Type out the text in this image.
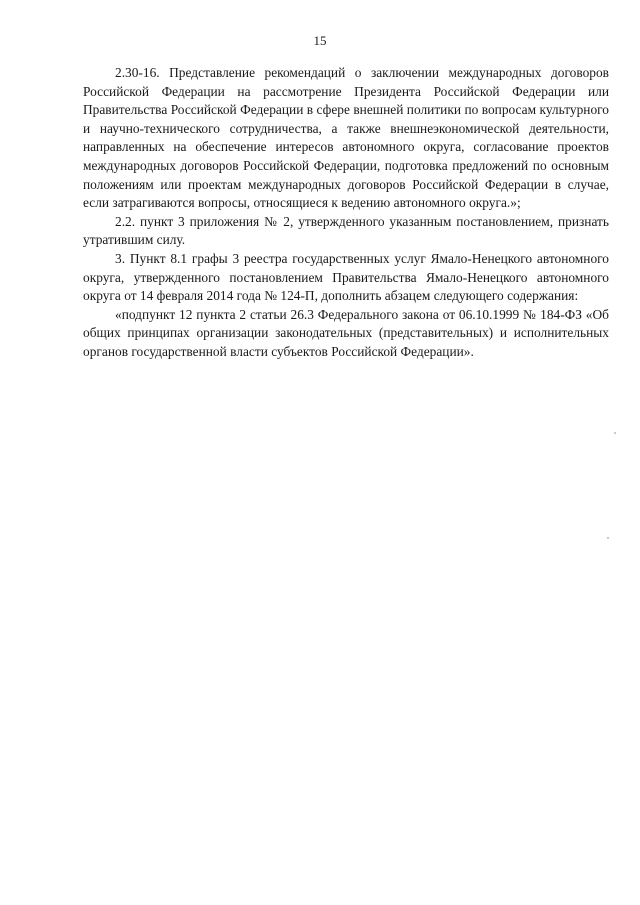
15

2.30-16. Представление рекомендаций о заключении международных договоров Российской Федерации на рассмотрение Президента Российской Федерации или Правительства Российской Федерации в сфере внешней политики по вопросам культурного и научно-технического сотрудничества, а также внешнеэкономической деятельности, направленных на обеспечение интересов автономного округа, согласование проектов международных договоров Российской Федерации, подготовка предложений по основным положениям или проектам международных договоров Российской Федерации в случае, если затрагиваются вопросы, относящиеся к ведению автономного округа.»;

2.2. пункт 3 приложения № 2, утвержденного указанным постановлением, признать утратившим силу.

3. Пункт 8.1 графы 3 реестра государственных услуг Ямало-Ненецкого автономного округа, утвержденного постановлением Правительства Ямало-Ненецкого автономного округа от 14 февраля 2014 года № 124-П, дополнить абзацем следующего содержания:

«подпункт 12 пункта 2 статьи 26.3 Федерального закона от 06.10.1999 № 184-ФЗ «Об общих принципах организации законодательных (представительных) и исполнительных органов государственной власти субъектов Российской Федерации».
